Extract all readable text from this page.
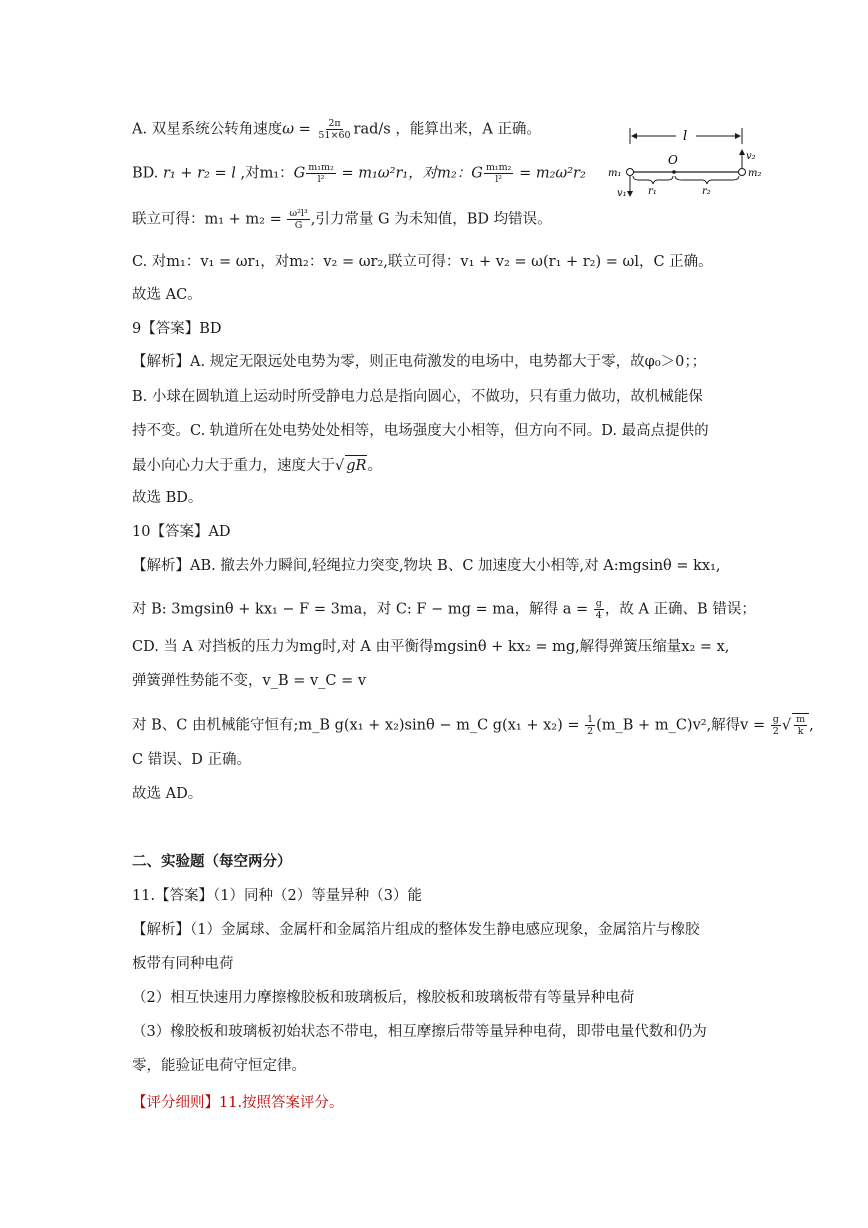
A. 双星系统公转角速度$\omega = \frac{2\pi}{51\times 60} rad/s$ ，能算出来，A 正确。
BD. r₁ + r₂ = l ,对m₁：G $\frac{\text{m₁m₂}}{\text{l²}} = m_1\omega^2r_1$，对m₂：G $\frac{\text{m₁m₂}}{\text{l²}} = m_2\omega^2r_2$
联立可得：$m_1 + m_2 = \frac{\text{ω²l³}}{G}$ ,引力常量 G 为未知值，BD 均错误。
C. 对m₁：v₁ = ωr₁，对m₂：v₂ = ωr₂,联立可得：v₁ + v₂ = ω(r₁ + r₂) = ωl，C 正确。
故选 AC。
9【答案】BD
【解析】A. 规定无限远处电势为零，则正电荷激发的电场中，电势都大于零，故φ₀＞0；；
B. 小球在圆轨道上运动时所受静电力总是指向圆心，不做功，只有重力做功，故机械能保
持不变。C. 轨道所在处电势处处相等，电场强度大小相等，但方向不同。D. 最高点提供的
最小向心力大于重力，速度大于√ gR。
故选 BD。
10【答案】AD
【解析】AB. 撤去外力瞬间,轻绳拉力突变,物块 B、C 加速度大小相等,对 A:mgsinθ = kx₁,
对 B: 3mgsinθ + kx₁ − F = 3ma，对 C: F − mg = ma，解得 $a = \frac{g}{4}$ ，故 A 正确、B 错误；
CD. 当 A 对挡板的压力为mg时,对 A 由平衡得mgsinθ + kx₂ = mg,解得弹簧压缩量x₂ = x,
弹簧弹性势能不变，v_B = v_C = v
对 B、C 由机械能守恒有;m_B g(x₁ + x₂)sinθ − m_C $g(x_1 + x_2) = \frac{1}{2}$ (m_B + m_C)v²,解得$v = \frac{g}{2}$ √ $\frac{m}{k}$ ,
C 错误、D 正确。
故选 AD。
二、实验题（每空两分）
11.【答案】（1）同种（2）等量异种（3）能
【解析】（1）金属球、金属杆和金属箔片组成的整体发生静电感应现象，金属箔片与橡胶
板带有同种电荷
（2）相互快速用力摩擦橡胶板和玻璃板后，橡胶板和玻璃板带有等量异种电荷
（3）橡胶板和玻璃板初始状态不带电，相互摩擦后带等量异种电荷，即带电量代数和仍为
零，能验证电荷守恒定律。
【评分细则】11.按照答案评分。
l
O
m₁	m₂
r₁	r₂
v₁
v₂
